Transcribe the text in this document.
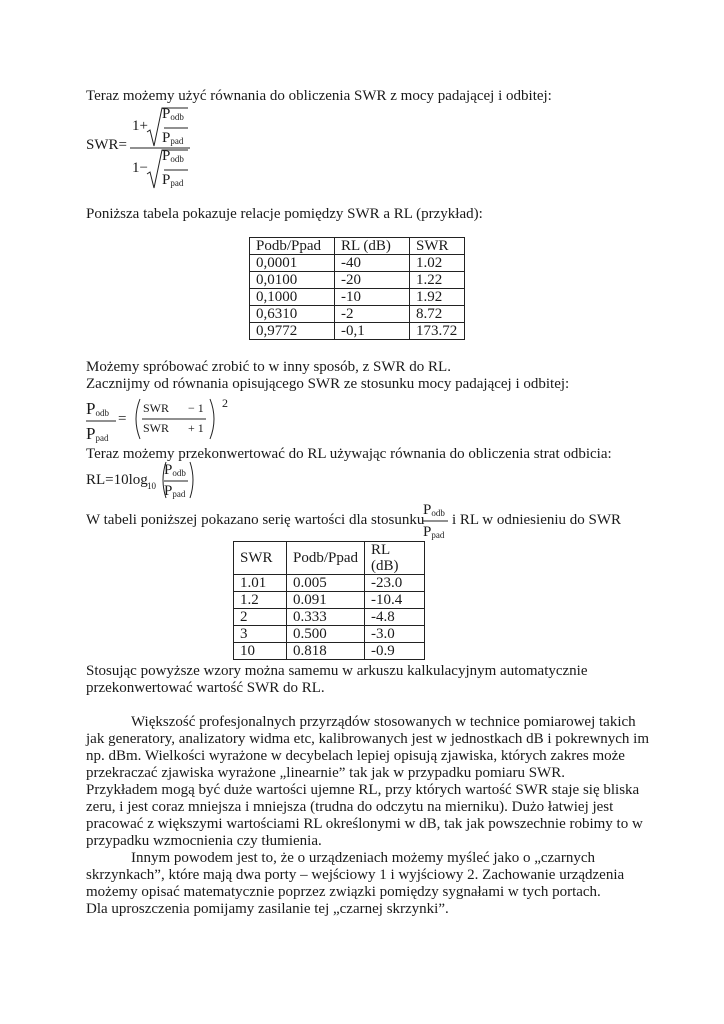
Teraz możemy użyć równania do obliczenia SWR z mocy padającej i odbitej:
SWR=
1+
$P_{odb}$
$P_{pad}$
1−
$P_{odb}$
$P_{pad}$
Poniższa tabela pokazuje relacje pomiędzy SWR a RL (przykład):
Podb/Ppad	RL (dB)	SWR
0,0001	-40	1.02
0,0100	-20	1.22
0,1000	-10	1.92
0,6310	-2	8.72
0,9772	-0,1	173.72
Możemy spróbować zrobić to w inny sposób, z SWR do RL.
Zacznijmy od równania opisującego SWR ze stosunku mocy padającej i odbitej:
$P_{odb}$
$P_{pad}$
=
SWR − 1
SWR + 1
2
Teraz możemy przekonwertować do RL używając równania do obliczenia strat odbicia:
RL=10log 10
$P_{odb}$
$P_{pad}$
W tabeli poniższej pokazano serię wartości dla stosunku
$P_{odb}$
$P_{pad}$
i RL w odniesieniu do SWR
SWR	Podb/Ppad	RL (dB)
1.01	0.005	-23.0
1.2	0.091	-10.4
2	0.333	-4.8
3	0.500	-3.0
10	0.818	-0.9
Stosując powyższe wzory można samemu w arkuszu kalkulacyjnym automatycznie
przekonwertować wartość SWR do RL.
Większość profesjonalnych przyrządów stosowanych w technice pomiarowej takich
jak generatory, analizatory widma etc, kalibrowanych jest w jednostkach dB i pokrewnych im
np. dBm. Wielkości wyrażone w decybelach lepiej opisują zjawiska, których zakres może
przekraczać zjawiska wyrażone „linearnie” tak jak w przypadku pomiaru SWR.
Przykładem mogą być duże wartości ujemne RL, przy których wartość SWR staje się bliska
zeru, i jest coraz mniejsza i mniejsza (trudna do odczytu na mierniku). Dużo łatwiej jest
pracować z większymi wartościami RL określonymi w dB, tak jak powszechnie robimy to w
przypadku wzmocnienia czy tłumienia.
Innym powodem jest to, że o urządzeniach możemy myśleć jako o „czarnych
skrzynkach”, które mają dwa porty – wejściowy 1 i wyjściowy 2. Zachowanie urządzenia
możemy opisać matematycznie poprzez związki pomiędzy sygnałami w tych portach.
Dla uproszczenia pomijamy zasilanie tej „czarnej skrzynki”.
